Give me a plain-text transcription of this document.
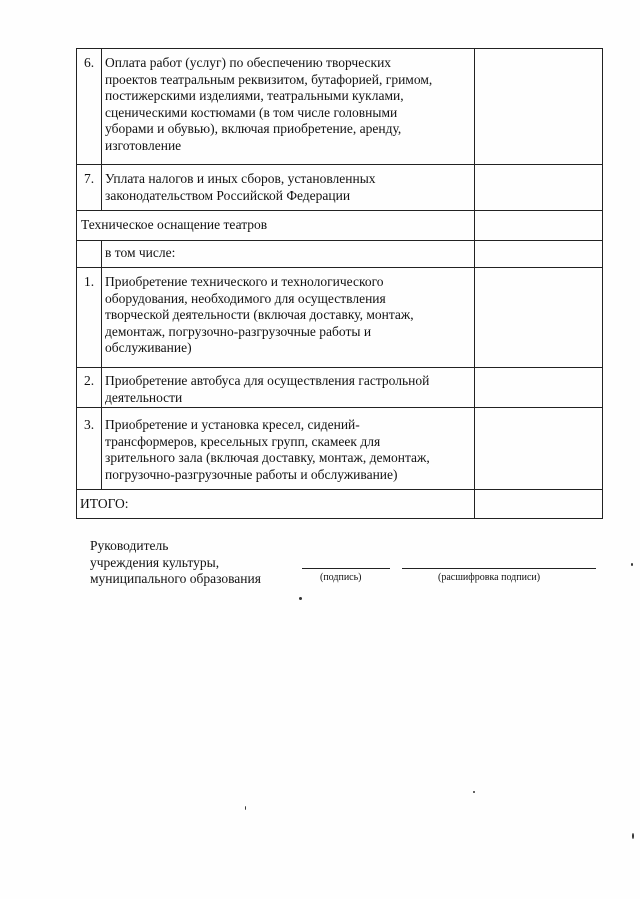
6. Оплата работ (услуг) по обеспечению творческих
проектов театральным реквизитом, бутафорией, гримом,
постижерскими изделиями, театральными куклами,
сценическими костюмами (в том числе головными
уборами и обувью), включая приобретение, аренду,
изготовление
7. Уплата налогов и иных сборов, установленных
законодательством Российской Федерации
Техническое оснащение театров
в том числе:
1. Приобретение технического и технологического
оборудования, необходимого для осуществления
творческой деятельности (включая доставку, монтаж,
демонтаж, погрузочно-разгрузочные работы и
обслуживание)
2. Приобретение автобуса для осуществления гастрольной
деятельности
3. Приобретение и установка кресел, сидений-
трансформеров, кресельных групп, скамеек для
зрительного зала (включая доставку, монтаж, демонтаж,
погрузочно-разгрузочные работы и обслуживание)
ИТОГО:
Руководитель
учреждения культуры,
муниципального образования	(подпись)	(расшифровка подписи)
